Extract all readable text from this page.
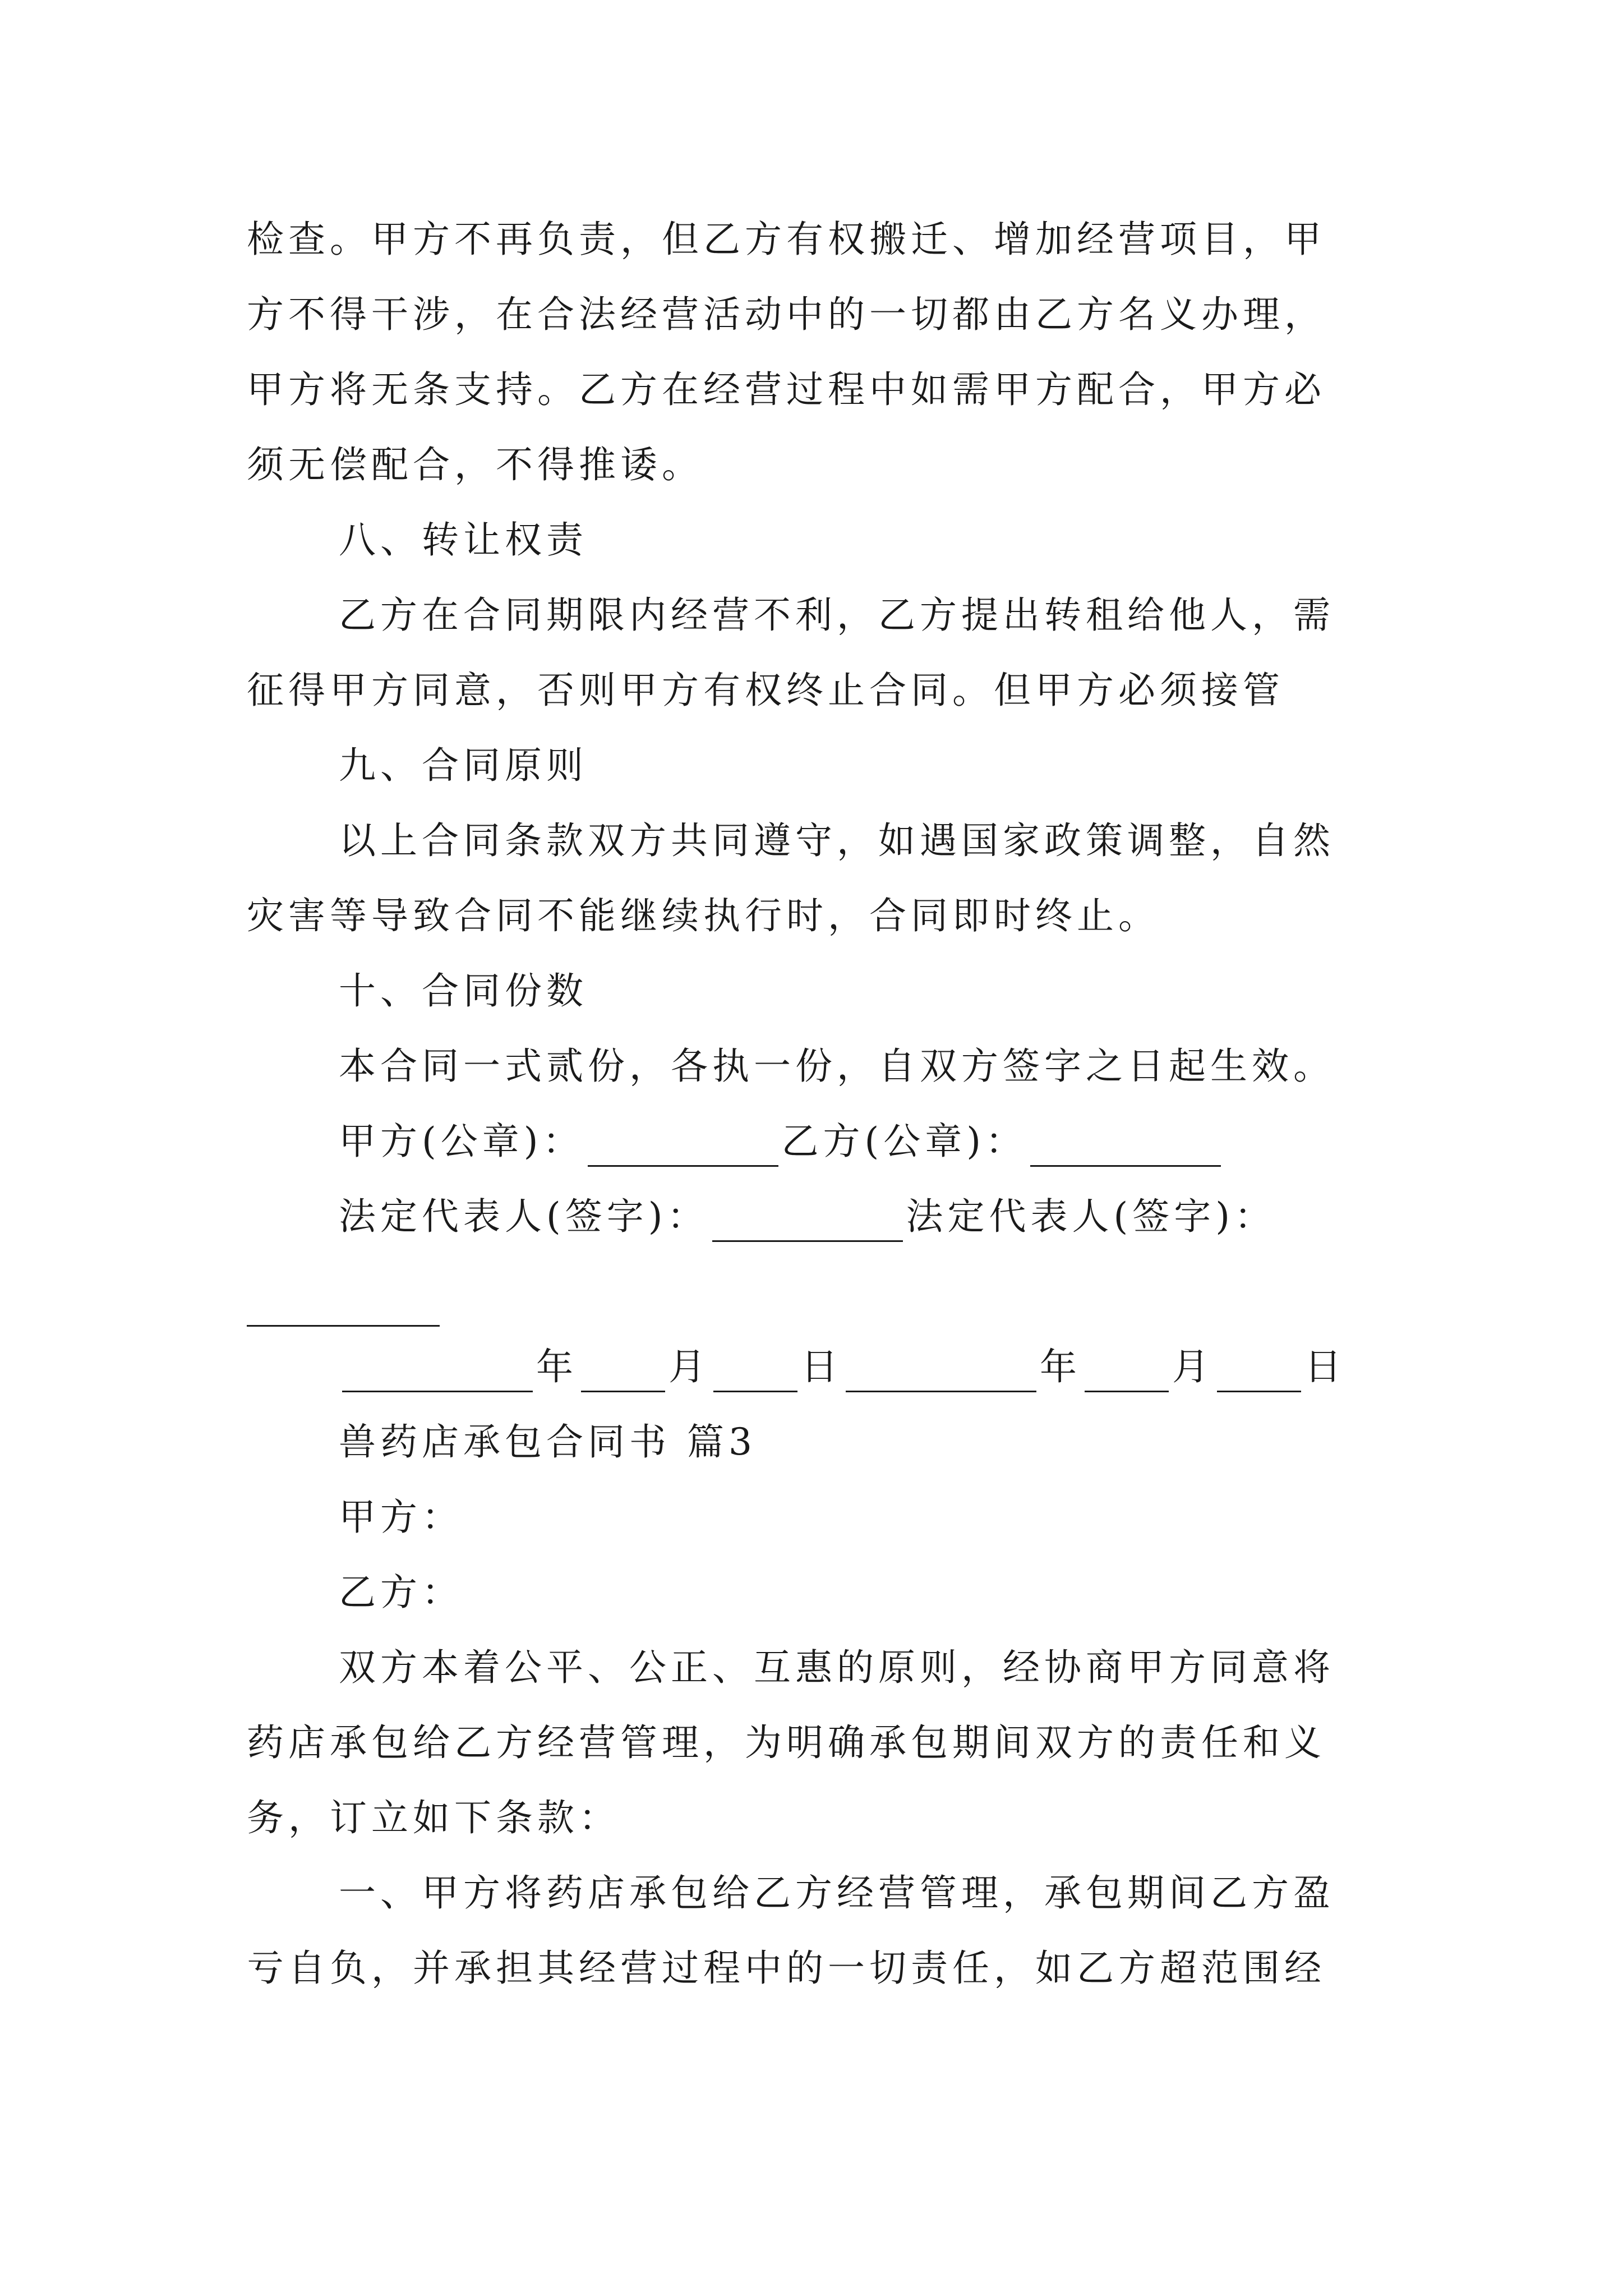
检查。甲方不再负责，但乙方有权搬迁、增加经营项目，甲
方不得干涉，在合法经营活动中的一切都由乙方名义办理，
甲方将无条支持。乙方在经营过程中如需甲方配合，甲方必
须无偿配合，不得推诿。
八、转让权责
乙方在合同期限内经营不利，乙方提出转租给他人，需
征得甲方同意，否则甲方有权终止合同。但甲方必须接管
九、合同原则
以上合同条款双方共同遵守，如遇国家政策调整，自然
灾害等导致合同不能继续执行时，合同即时终止。
十、合同份数
本合同一式贰份，各执一份，自双方签字之日起生效。
甲方(公章)：	乙方(公章)：
法定代表人(签字)：	法定代表人(签字)：
年 月 日	年 月 日
兽药店承包合同书 篇3
甲方：
乙方：
双方本着公平、公正、互惠的原则，经协商甲方同意将
药店承包给乙方经营管理，为明确承包期间双方的责任和义
务，订立如下条款：
一、甲方将药店承包给乙方经营管理，承包期间乙方盈
亏自负，并承担其经营过程中的一切责任，如乙方超范围经
